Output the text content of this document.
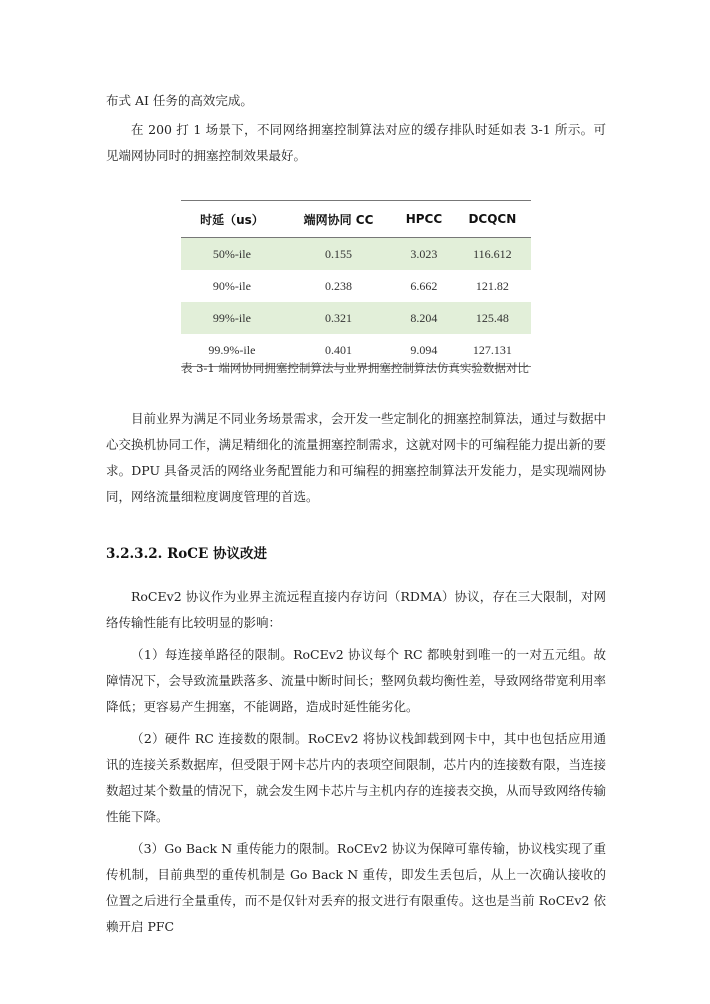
布式 AI 任务的高效完成。

在 200 打 1 场景下，不同网络拥塞控制算法对应的缓存排队时延如表 3-1 所示。可见端网协同时的拥塞控制效果最好。

时延（us）	端网协同 CC	HPCC	DCQCN
50%-ile	0.155	3.023	116.612
90%-ile	0.238	6.662	121.82
99%-ile	0.321	8.204	125.48
99.9%-ile	0.401	9.094	127.131
表 3-1 端网协同拥塞控制算法与业界拥塞控制算法仿真实验数据对比

目前业界为满足不同业务场景需求，会开发一些定制化的拥塞控制算法，通过与数据中心交换机协同工作，满足精细化的流量拥塞控制需求，这就对网卡的可编程能力提出新的要求。DPU 具备灵活的网络业务配置能力和可编程的拥塞控制算法开发能力，是实现端网协同，网络流量细粒度调度管理的首选。

3.2.3.2. RoCE 协议改进

RoCEv2 协议作为业界主流远程直接内存访问（RDMA）协议，存在三大限制，对网络传输性能有比较明显的影响：

（1）每连接单路径的限制。RoCEv2 协议每个 RC 都映射到唯一的一对五元组。故障情况下，会导致流量跌落多、流量中断时间长；整网负载均衡性差，导致网络带宽利用率降低；更容易产生拥塞，不能调路，造成时延性能劣化。

（2）硬件 RC 连接数的限制。RoCEv2 将协议栈卸载到网卡中，其中也包括应用通讯的连接关系数据库，但受限于网卡芯片内的表项空间限制，芯片内的连接数有限，当连接数超过某个数量的情况下，就会发生网卡芯片与主机内存的连接表交换，从而导致网络传输性能下降。

（3）Go Back N 重传能力的限制。RoCEv2 协议为保障可靠传输，协议栈实现了重传机制，目前典型的重传机制是 Go Back N 重传，即发生丢包后，从上一次确认接收的位置之后进行全量重传，而不是仅针对丢弃的报文进行有限重传。这也是当前 RoCEv2 依赖开启 PFC
